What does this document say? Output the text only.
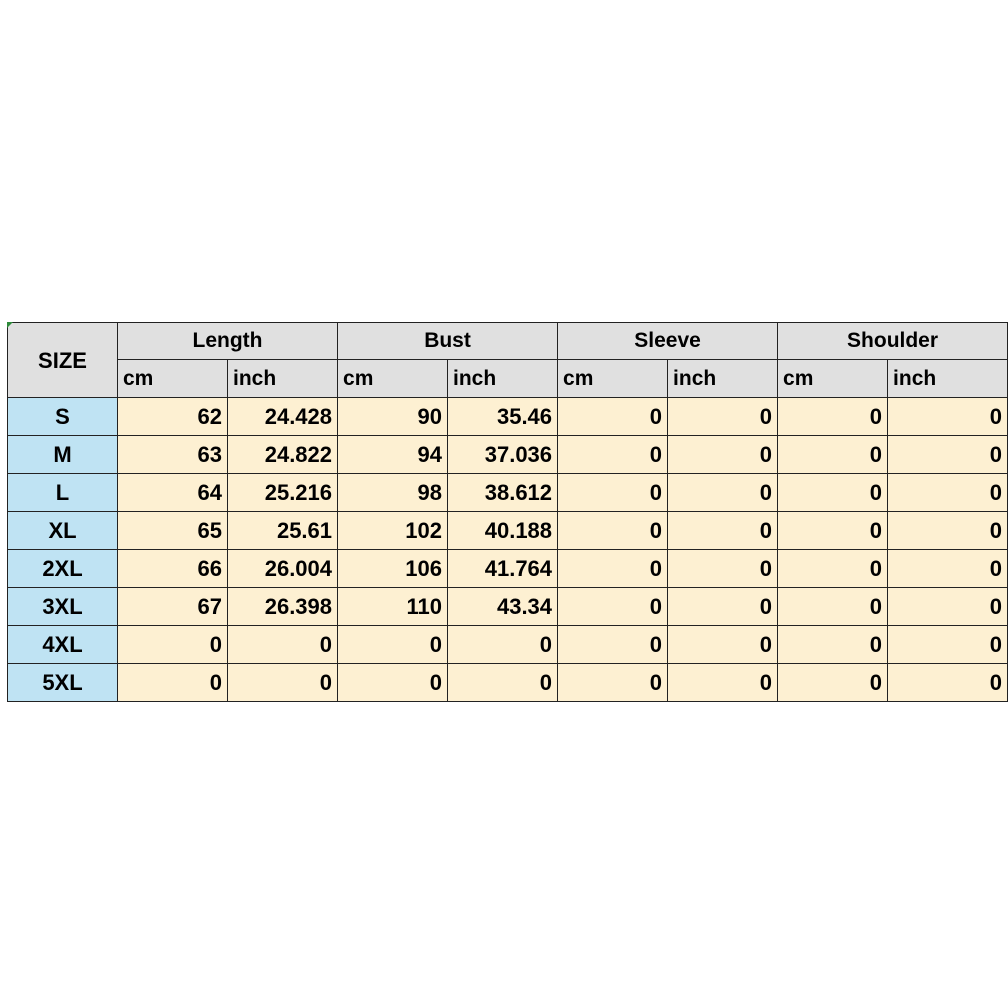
SIZE	Length		Bust		Sleeve		Shoulder	
	cm	inch	cm	inch	cm	inch	cm	inch
S	62	24.428	90	35.46	0	0	0	0
M	63	24.822	94	37.036	0	0	0	0
L	64	25.216	98	38.612	0	0	0	0
XL	65	25.61	102	40.188	0	0	0	0
2XL	66	26.004	106	41.764	0	0	0	0
3XL	67	26.398	110	43.34	0	0	0	0
4XL	0	0	0	0	0	0	0	0
5XL	0	0	0	0	0	0	0	0
